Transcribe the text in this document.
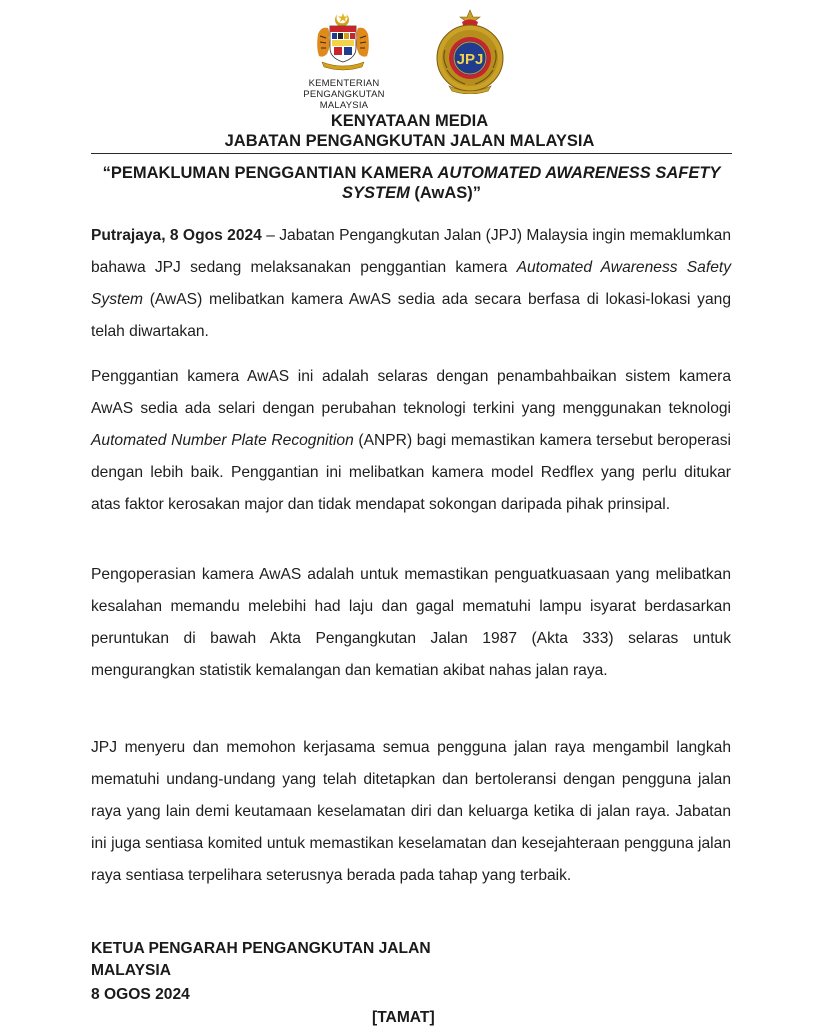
KEMENTERIAN PENGANGKUTAN
MALAYSIA
JPJ
KENYATAAN MEDIA
JABATAN PENGANGKUTAN JALAN MALAYSIA
“PEMAKLUMAN PENGGANTIAN KAMERA AUTOMATED AWARENESS SAFETY SYSTEM (AwAS)”

Putrajaya, 8 Ogos 2024 – Jabatan Pengangkutan Jalan (JPJ) Malaysia ingin memaklumkan bahawa JPJ sedang melaksanakan penggantian kamera Automated Awareness Safety System (AwAS) melibatkan kamera AwAS sedia ada secara berfasa di lokasi-lokasi yang telah diwartakan.

Penggantian kamera AwAS ini adalah selaras dengan penambahbaikan sistem kamera AwAS sedia ada selari dengan perubahan teknologi terkini yang menggunakan teknologi Automated Number Plate Recognition (ANPR) bagi memastikan kamera tersebut beroperasi dengan lebih baik. Penggantian ini melibatkan kamera model Redflex yang perlu ditukar atas faktor kerosakan major dan tidak mendapat sokongan daripada pihak prinsipal.

Pengoperasian kamera AwAS adalah untuk memastikan penguatkuasaan yang melibatkan kesalahan memandu melebihi had laju dan gagal mematuhi lampu isyarat berdasarkan peruntukan di bawah Akta Pengangkutan Jalan 1987 (Akta 333) selaras untuk mengurangkan statistik kemalangan dan kematian akibat nahas jalan raya.

JPJ menyeru dan memohon kerjasama semua pengguna jalan raya mengambil langkah mematuhi undang-undang yang telah ditetapkan dan bertoleransi dengan pengguna jalan raya yang lain demi keutamaan keselamatan diri dan keluarga ketika di jalan raya. Jabatan ini juga sentiasa komited untuk memastikan keselamatan dan kesejahteraan pengguna jalan raya sentiasa terpelihara seterusnya berada pada tahap yang terbaik.

KETUA PENGARAH PENGANGKUTAN JALAN
MALAYSIA
8 OGOS 2024
[TAMAT]
